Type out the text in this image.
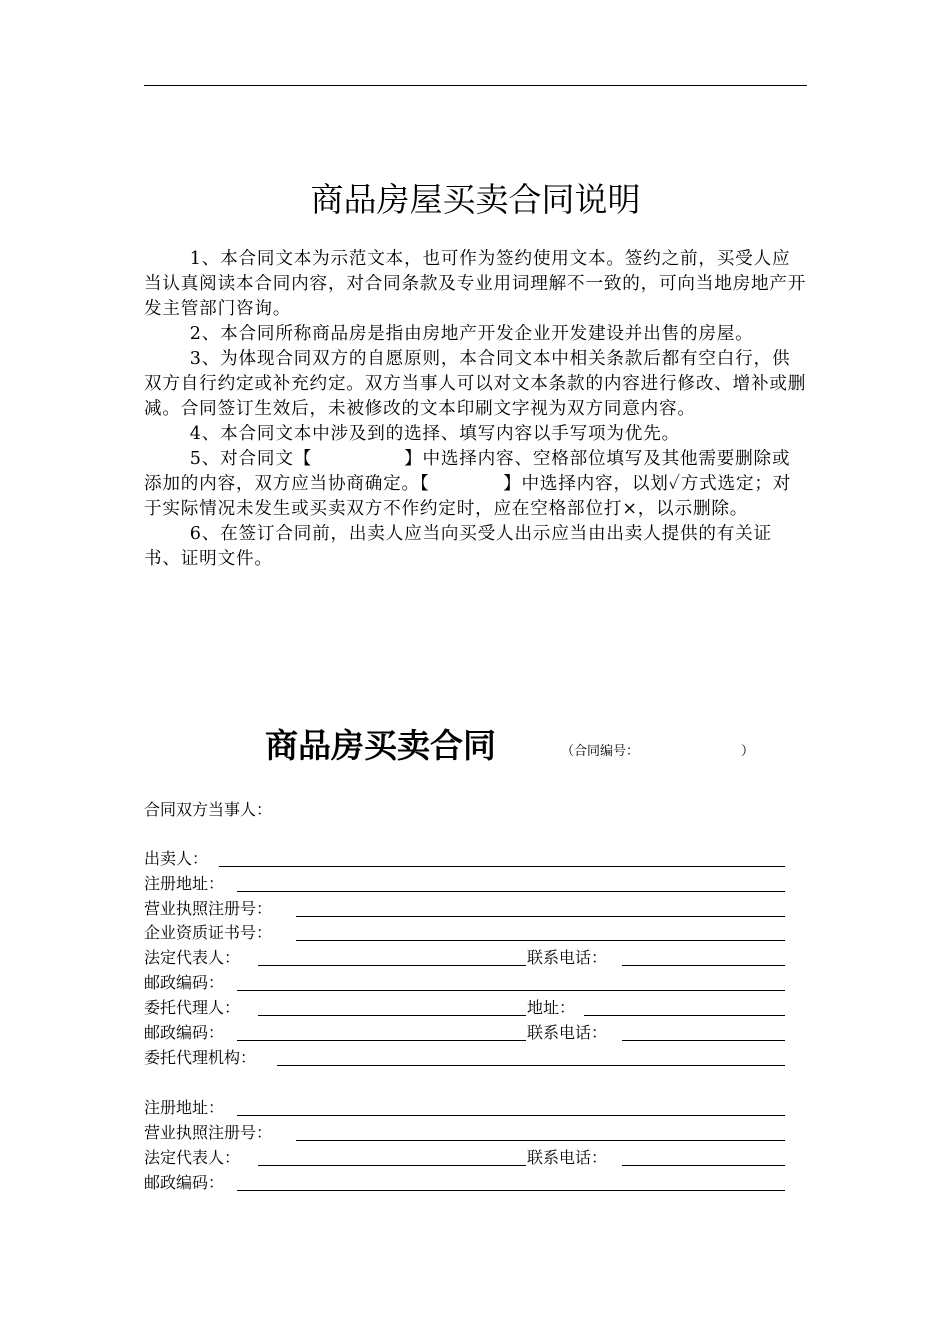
商品房屋买卖合同说明

1、本合同文本为示范文本，也可作为签约使用文本。签约之前，买受人应当认真阅读本合同内容，对合同条款及专业用词理解不一致的，可向当地房地产开发主管部门咨询。

2、本合同所称商品房是指由房地产开发企业开发建设并出售的房屋。

3、为体现合同双方的自愿原则，本合同文本中相关条款后都有空白行，供双方自行约定或补充约定。双方当事人可以对文本条款的内容进行修改、增补或删减。合同签订生效后，未被修改的文本印刷文字视为双方同意内容。

4、本合同文本中涉及到的选择、填写内容以手写项为优先。

5、对合同文【　　　　　】中选择内容、空格部位填写及其他需要删除或添加的内容，双方应当协商确定。【　　　　】中选择内容，以划✓方式选定；对于实际情况未发生或买卖双方不作约定时，应在空格部位打×，以示删除。

6、在签订合同前，出卖人应当向买受人出示应当由出卖人提供的有关证书、证明文件。

商品房买卖合同	（合同编号：	）
合同双方当事人：
出卖人：
注册地址：
营业执照注册号：
企业资质证书号：
法定代表人：	联系电话：
邮政编码：
委托代理人：	地址：
邮政编码：	联系电话：
委托代理机构：
注册地址：
营业执照注册号：
法定代表人：	联系电话：
邮政编码：
